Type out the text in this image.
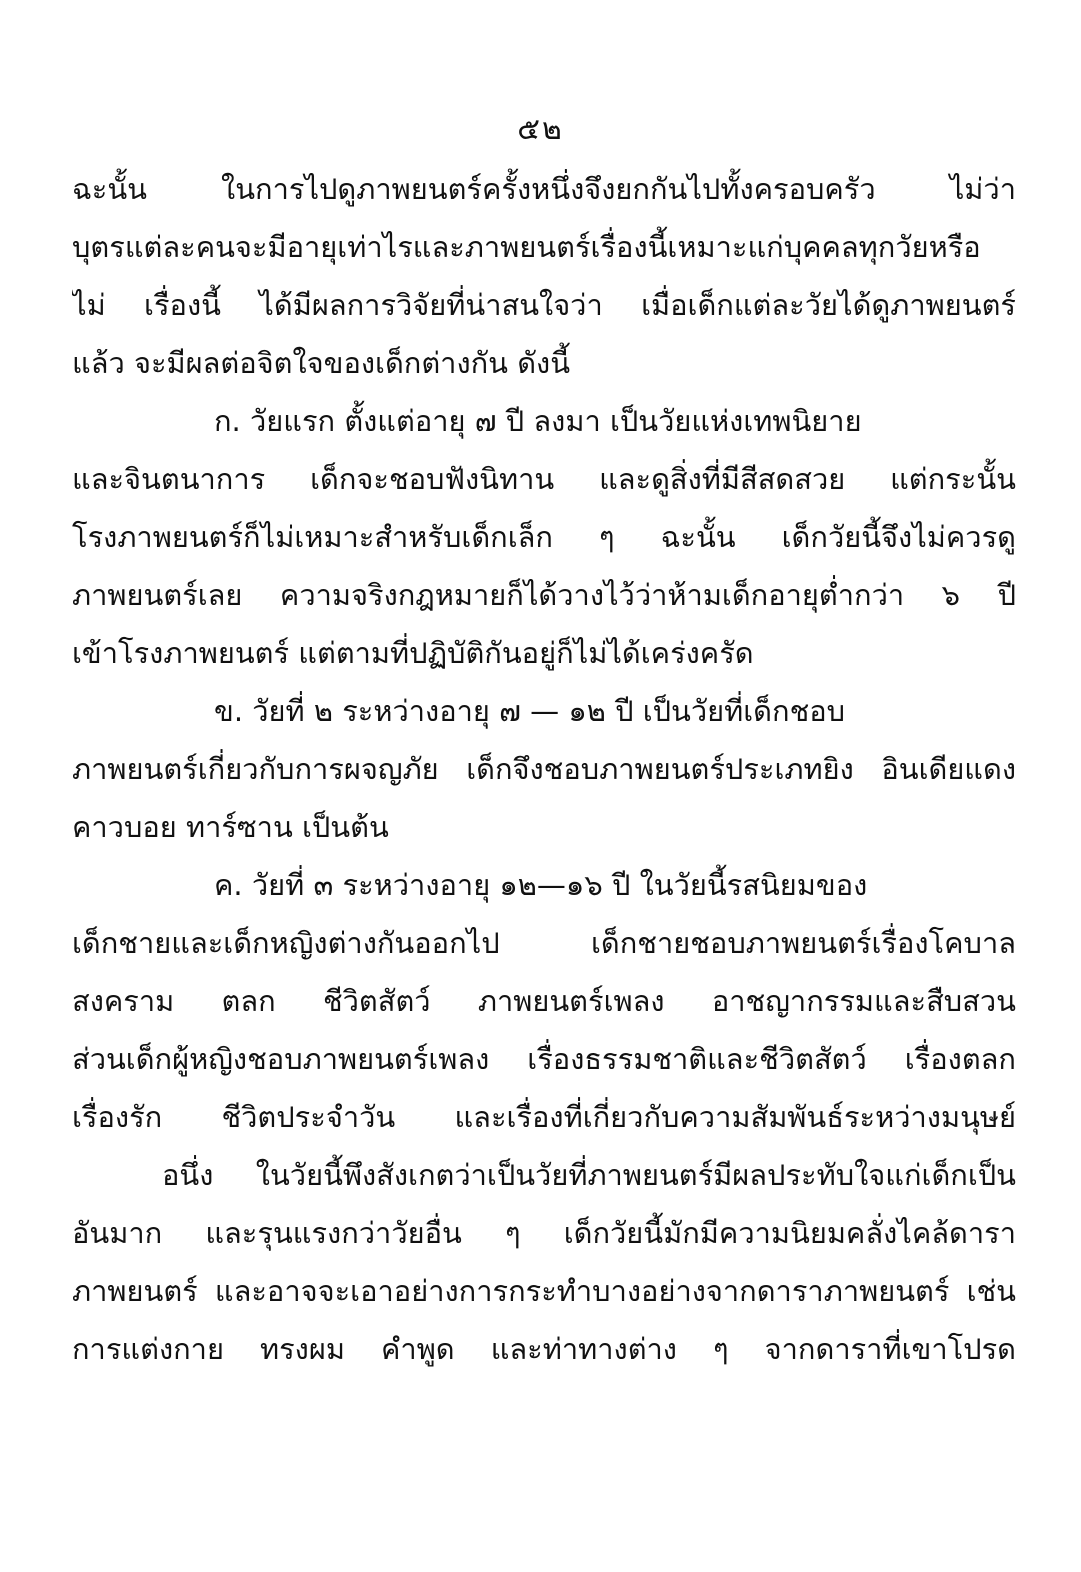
๕๒
ฉะนั้น ในการไปดูภาพยนตร์ครั้งหนึ่งจึงยกกันไปทั้งครอบครัว ไม่ว่า
บุตรแต่ละคนจะมีอายุเท่าไรและภาพยนตร์เรื่องนี้เหมาะแก่บุคคลทุกวัยหรือ
ไม่ เรื่องนี้ ได้มีผลการวิจัยที่น่าสนใจว่า เมื่อเด็กแต่ละวัยได้ดูภาพยนตร์
แล้ว จะมีผลต่อจิตใจของเด็กต่างกัน ดังนี้
ก. วัยแรก ตั้งแต่อายุ ๗ ปี ลงมา เป็นวัยแห่งเทพนิยาย
และจินตนาการ เด็กจะชอบฟังนิทาน และดูสิ่งที่มีสีสดสวย แต่กระนั้น
โรงภาพยนตร์ก็ไม่เหมาะสำหรับเด็กเล็ก ๆ ฉะนั้น เด็กวัยนี้จึงไม่ควรดู
ภาพยนตร์เลย ความจริงกฎหมายก็ได้วางไว้ว่าห้ามเด็กอายุต่ำกว่า ๖ ปี
เข้าโรงภาพยนตร์ แต่ตามที่ปฏิบัติกันอยู่ก็ไม่ได้เคร่งครัด
ข. วัยที่ ๒ ระหว่างอายุ ๗ — ๑๒ ปี เป็นวัยที่เด็กชอบ
ภาพยนตร์เกี่ยวกับการผจญภัย เด็กจึงชอบภาพยนตร์ประเภทยิง อินเดียแดง
คาวบอย ทาร์ซาน เป็นต้น
ค. วัยที่ ๓ ระหว่างอายุ ๑๒—๑๖ ปี ในวัยนี้รสนิยมของ
เด็กชายและเด็กหญิงต่างกันออกไป เด็กชายชอบภาพยนตร์เรื่องโคบาล
สงคราม ตลก ชีวิตสัตว์ ภาพยนตร์เพลง อาชญากรรมและสืบสวน
ส่วนเด็กผู้หญิงชอบภาพยนตร์เพลง เรื่องธรรมชาติและชีวิตสัตว์ เรื่องตลก
เรื่องรัก ชีวิตประจำวัน และเรื่องที่เกี่ยวกับความสัมพันธ์ระหว่างมนุษย์
อนึ่ง ในวัยนี้พึงสังเกตว่าเป็นวัยที่ภาพยนตร์มีผลประทับใจแก่เด็กเป็น
อันมาก และรุนแรงกว่าวัยอื่น ๆ เด็กวัยนี้มักมีความนิยมคลั่งไคล้ดารา
ภาพยนตร์ และอาจจะเอาอย่างการกระทำบางอย่างจากดาราภาพยนตร์ เช่น
การแต่งกาย ทรงผม คำพูด และท่าทางต่าง ๆ จากดาราที่เขาโปรด
